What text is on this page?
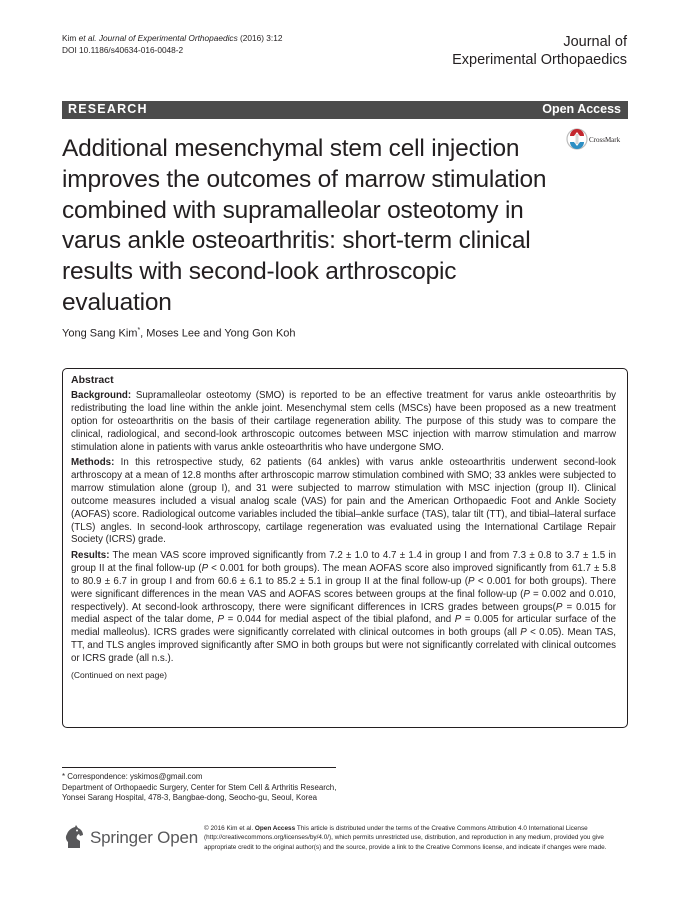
Kim et al. Journal of Experimental Orthopaedics (2016) 3:12
DOI 10.1186/s40634-016-0048-2	Journal of
Experimental Orthopaedics
RESEARCH	Open Access
Additional mesenchymal stem cell injection improves the outcomes of marrow stimulation combined with supramalleolar osteotomy in varus ankle osteoarthritis: short-term clinical results with second-look arthroscopic evaluation
CrossMark
Yong Sang Kim*, Moses Lee and Yong Gon Koh
Abstract

Background: Supramalleolar osteotomy (SMO) is reported to be an effective treatment for varus ankle osteoarthritis by redistributing the load line within the ankle joint. Mesenchymal stem cells (MSCs) have been proposed as a new treatment option for osteoarthritis on the basis of their cartilage regeneration ability. The purpose of this study was to compare the clinical, radiological, and second-look arthroscopic outcomes between MSC injection with marrow stimulation and marrow stimulation alone in patients with varus ankle osteoarthritis who have undergone SMO.

Methods: In this retrospective study, 62 patients (64 ankles) with varus ankle osteoarthritis underwent second-look arthroscopy at a mean of 12.8 months after arthroscopic marrow stimulation combined with SMO; 33 ankles were subjected to marrow stimulation alone (group I), and 31 were subjected to marrow stimulation with MSC injection (group II). Clinical outcome measures included a visual analog scale (VAS) for pain and the American Orthopaedic Foot and Ankle Society (AOFAS) score. Radiological outcome variables included the tibial–ankle surface (TAS), talar tilt (TT), and tibial–lateral surface (TLS) angles. In second-look arthroscopy, cartilage regeneration was evaluated using the International Cartilage Repair Society (ICRS) grade.

Results: The mean VAS score improved significantly from 7.2 ± 1.0 to 4.7 ± 1.4 in group I and from 7.3 ± 0.8 to 3.7 ± 1.5 in group II at the final follow-up (P < 0.001 for both groups). The mean AOFAS score also improved significantly from 61.7 ± 5.8 to 80.9 ± 6.7 in group I and from 60.6 ± 6.1 to 85.2 ± 5.1 in group II at the final follow-up (P < 0.001 for both groups). There were significant differences in the mean VAS and AOFAS scores between groups at the final follow-up (P = 0.002 and 0.010, respectively). At second-look arthroscopy, there were significant differences in ICRS grades between groups(P = 0.015 for medial aspect of the talar dome, P = 0.044 for medial aspect of the tibial plafond, and P = 0.005 for articular surface of the medial malleolus). ICRS grades were significantly correlated with clinical outcomes in both groups (all P < 0.05). Mean TAS, TT, and TLS angles improved significantly after SMO in both groups but were not significantly correlated with clinical outcomes or ICRS grade (all n.s.).

(Continued on next page)
* Correspondence: yskimos@gmail.com
Department of Orthopaedic Surgery, Center for Stem Cell & Arthritis Research, Yonsei Sarang Hospital, 478-3, Bangbae-dong, Seocho-gu, Seoul, Korea
Springer Open © 2016 Kim et al. Open Access This article is distributed under the terms of the Creative Commons Attribution 4.0 International License (http://creativecommons.org/licenses/by/4.0/), which permits unrestricted use, distribution, and reproduction in any medium, provided you give appropriate credit to the original author(s) and the source, provide a link to the Creative Commons license, and indicate if changes were made.
